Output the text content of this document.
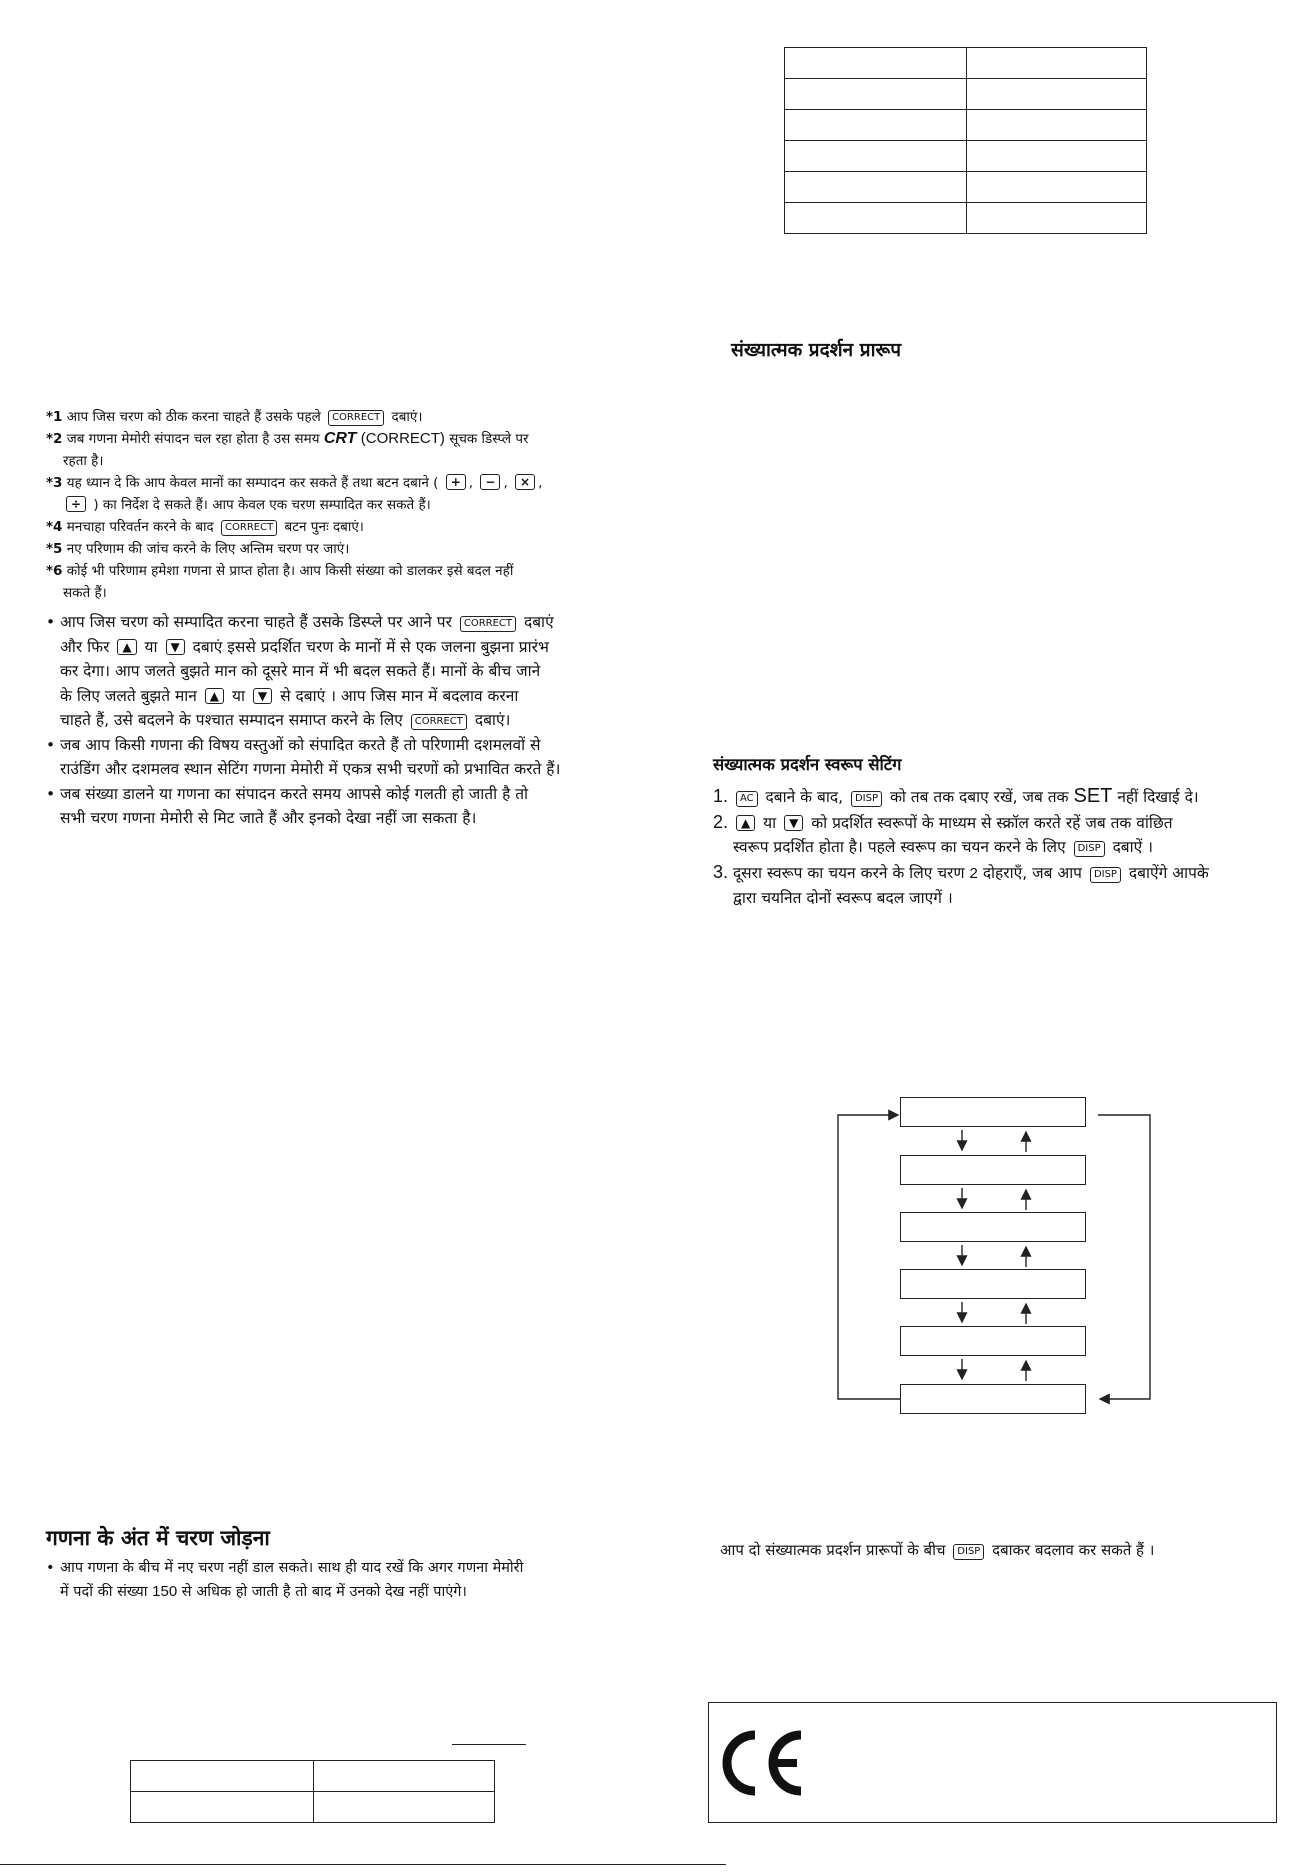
संख्यात्मक प्रदर्शन प्रारूप
*1 आप जिस चरण को ठीक करना चाहते हैं उसके पहले CORRECT दबाएं।
*2 जब गणना मेमोरी संपादन चल रहा होता है उस समय CRT (CORRECT) सूचक डिस्प्ले पर
रहता है।
*3 यह ध्यान दे कि आप केवल मानों का सम्पादन कर सकते हैं तथा बटन दबाने ( + , − , × ,
÷ ) का निर्देश दे सकते हैं। आप केवल एक चरण सम्पादित कर सकते हैं।
*4 मनचाहा परिवर्तन करने के बाद CORRECT बटन पुनः दबाएं।
*5 नए परिणाम की जांच करने के लिए अन्तिम चरण पर जाएं।
*6 कोई भी परिणाम हमेशा गणना से प्राप्त होता है। आप किसी संख्या को डालकर इसे बदल नहीं
सकते हैं।
• आप जिस चरण को सम्पादित करना चाहते हैं उसके डिस्प्ले पर आने पर CORRECT दबाएं
और फिर ▲ या ▼ दबाएं इससे प्रदर्शित चरण के मानों में से एक जलना बुझना प्रारंभ
कर देगा। आप जलते बुझते मान को दूसरे मान में भी बदल सकते हैं। मानों के बीच जाने
के लिए जलते बुझते मान ▲ या ▼ से दबाएं । आप जिस मान में बदलाव करना
चाहते हैं, उसे बदलने के पश्चात सम्पादन समाप्त करने के लिए CORRECT दबाएं।
• जब आप किसी गणना की विषय वस्तुओं को संपादित करते हैं तो परिणामी दशमलवों से
राउंडिंग और दशमलव स्थान सेटिंग गणना मेमोरी में एकत्र सभी चरणों को प्रभावित करते हैं।
• जब संख्या डालने या गणना का संपादन करते समय आपसे कोई गलती हो जाती है तो
सभी चरण गणना मेमोरी से मिट जाते हैं और इनको देखा नहीं जा सकता है।
संख्यात्मक प्रदर्शन स्वरूप सेटिंग
1. AC दबाने के बाद, DISP को तब तक दबाए रखें, जब तक SET नहीं दिखाई दे।
2. ▲ या ▼ को प्रदर्शित स्वरूपों के माध्यम से स्क्रॉल करते रहें जब तक वांछित
स्वरूप प्रदर्शित होता है। पहले स्वरूप का चयन करने के लिए DISP दबाऐं ।
3. दूसरा स्वरूप का चयन करने के लिए चरण 2 दोहराएँ, जब आप DISP दबाऐंगे आपके
द्वारा चयनित दोनों स्वरूप बदल जाएगें ।
आप दो संख्यात्मक प्रदर्शन प्रारूपों के बीच DISP दबाकर बदलाव कर सकते हैं ।
गणना के अंत में चरण जोड़ना
• आप गणना के बीच में नए चरण नहीं डाल सकते। साथ ही याद रखें कि अगर गणना मेमोरी
में पदों की संख्या 150 से अधिक हो जाती है तो बाद में उनको देख नहीं पाएंगे।
